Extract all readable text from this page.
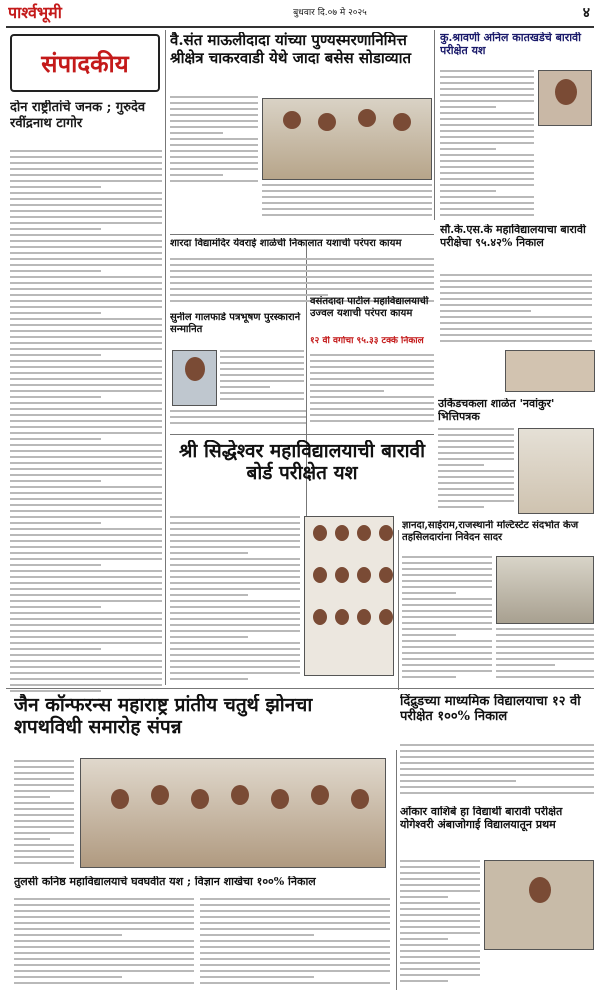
पार्श्वभूमी	बुधवार दि.०७ मे २०२५	४
संपादकीय
दोन राष्ट्रीतांचे जनक ; गुरुदेव रवींद्रनाथ टागोर
वै.संत माऊलीदादा यांच्या पुण्यस्मरणानिमित्त श्रीक्षेत्र चाकरवाडी येथे जादा बसेस सोडाव्यात
कु.श्रावणी अनिल कातखडेचे बारावी परीक्षेत यश
शारदा विद्यामंदिर येवराई शाळेची निकालात यशाची परंपरा कायम
सौ.के.एस.के महाविद्यालयाचा बारावी परीक्षेचा ९५.४२% निकाल
सुनील गालफाडे पत्रभूषण पुरस्काराने सन्मानित
वसंतदादा पाटील महाविद्यालयाची उज्वल यशाची परंपरा कायम
१२ वी वर्गाचा ९५.३३ टक्के निकाल
उर्किडचकला शाळेत 'नवांकुर' भित्तिपत्रक
श्री सिद्धेश्वर महाविद्यालयाची बारावी बोर्ड परीक्षेत यश
ज्ञानदा,साईराम,राजस्थानी मल्टिस्टेट संदर्भात केज तहसिलदारांना निवेदन सादर
जैन कॉन्फरन्स महाराष्ट्र प्रांतीय चतुर्थ झोनचा शपथविधी समारोह संपन्न
दिंद्रुडच्या माध्यमिक विद्यालयाचा १२ वी परीक्षेत १००% निकाल
ओंकार वाशिबे हा विद्यार्थी बारावी परीक्षेत योगेश्वरी अंबाजोगाई विद्यालयातून प्रथम
तुलसी कनिष्ठ महाविद्यालयाचे घवघवीत यश ; विज्ञान शाखेचा १००% निकाल
